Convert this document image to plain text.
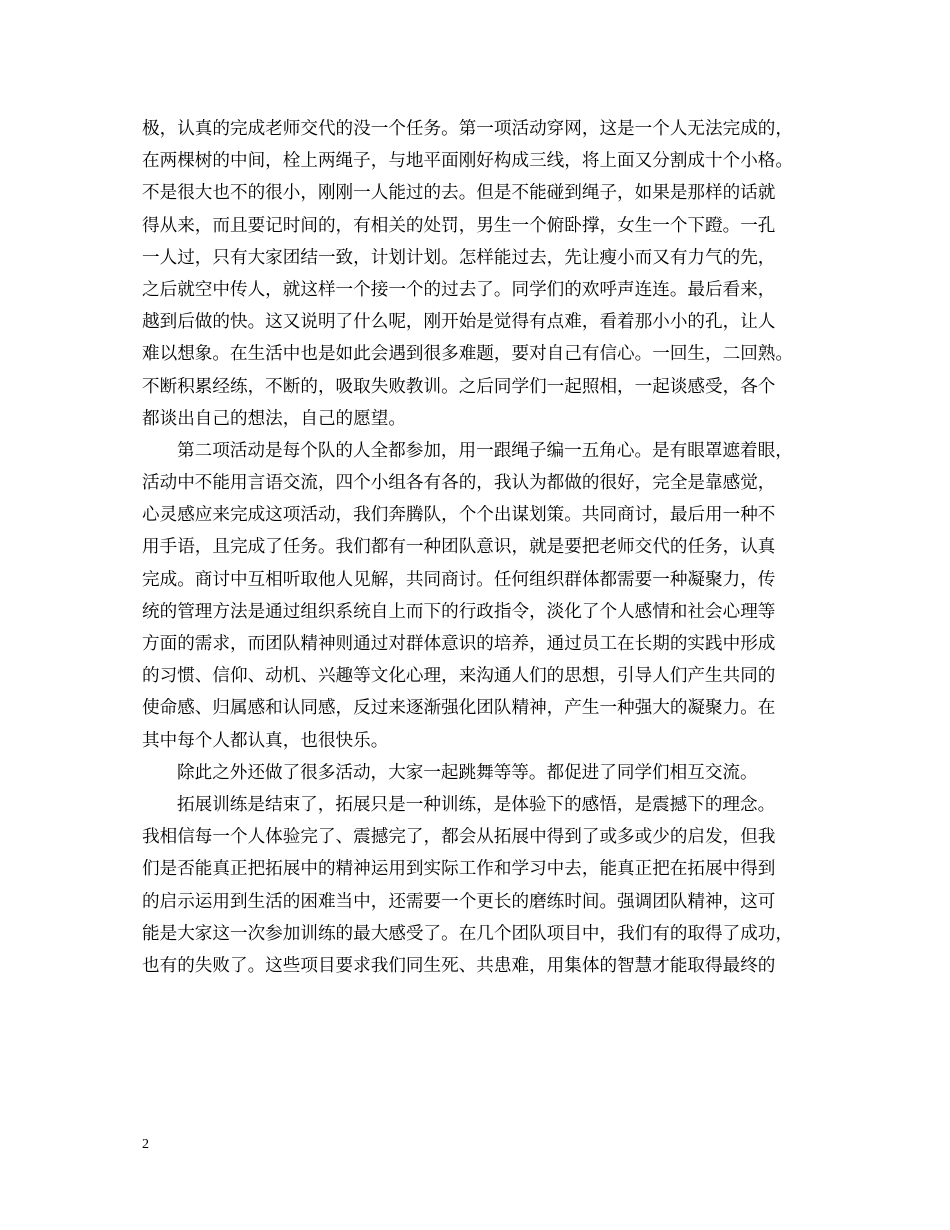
极，认真的完成老师交代的没一个任务。第一项活动穿网，这是一个人无法完成的，
在两棵树的中间，栓上两绳子，与地平面刚好构成三线，将上面又分割成十个小格。
不是很大也不的很小，刚刚一人能过的去。但是不能碰到绳子，如果是那样的话就
得从来，而且要记时间的，有相关的处罚，男生一个俯卧撑，女生一个下蹬。一孔
一人过，只有大家团结一致，计划计划。怎样能过去，先让瘦小而又有力气的先，
之后就空中传人，就这样一个接一个的过去了。同学们的欢呼声连连。最后看来，
越到后做的快。这又说明了什么呢，刚开始是觉得有点难，看着那小小的孔，让人
难以想象。在生活中也是如此会遇到很多难题，要对自己有信心。一回生，二回熟。
不断积累经练，不断的，吸取失败教训。之后同学们一起照相，一起谈感受，各个
都谈出自己的想法，自己的愿望。
第二项活动是每个队的人全都参加，用一跟绳子编一五角心。是有眼罩遮着眼，
活动中不能用言语交流，四个小组各有各的，我认为都做的很好，完全是靠感觉，
心灵感应来完成这项活动，我们奔腾队，个个出谋划策。共同商讨，最后用一种不
用手语，且完成了任务。我们都有一种团队意识，就是要把老师交代的任务，认真
完成。商讨中互相听取他人见解，共同商讨。任何组织群体都需要一种凝聚力，传
统的管理方法是通过组织系统自上而下的行政指令，淡化了个人感情和社会心理等
方面的需求，而团队精神则通过对群体意识的培养，通过员工在长期的实践中形成
的习惯、信仰、动机、兴趣等文化心理，来沟通人们的思想，引导人们产生共同的
使命感、归属感和认同感，反过来逐渐强化团队精神，产生一种强大的凝聚力。在
其中每个人都认真，也很快乐。
除此之外还做了很多活动，大家一起跳舞等等。都促进了同学们相互交流。
拓展训练是结束了，拓展只是一种训练，是体验下的感悟，是震撼下的理念。
我相信每一个人体验完了、震撼完了，都会从拓展中得到了或多或少的启发，但我
们是否能真正把拓展中的精神运用到实际工作和学习中去，能真正把在拓展中得到
的启示运用到生活的困难当中，还需要一个更长的磨练时间。强调团队精神，这可
能是大家这一次参加训练的最大感受了。在几个团队项目中，我们有的取得了成功，
也有的失败了。这些项目要求我们同生死、共患难，用集体的智慧才能取得最终的
2
